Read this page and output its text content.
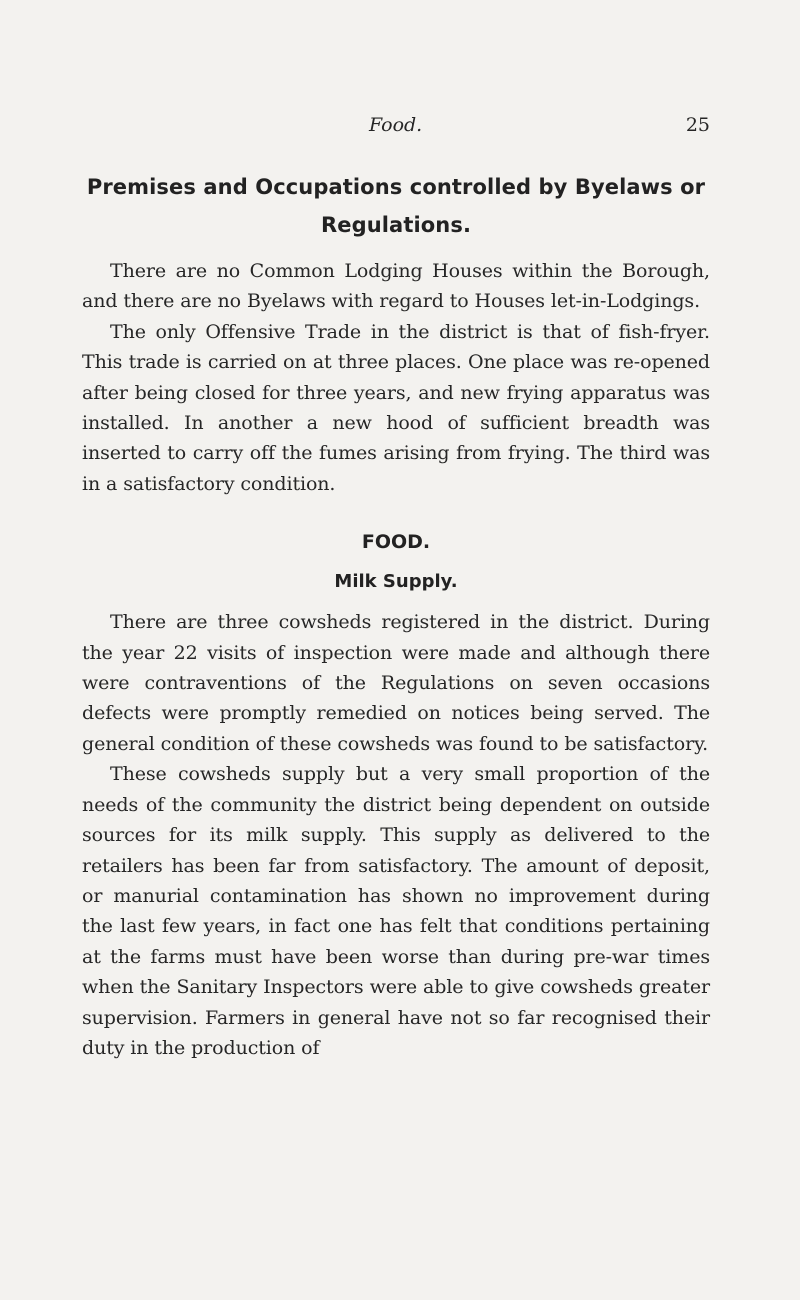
Food.	25
Premises and Occupations controlled by Byelaws or Regulations.

There are no Common Lodging Houses within the Borough, and there are no Byelaws with regard to Houses let-in-Lodgings.

The only Offensive Trade in the district is that of fish-fryer. This trade is carried on at three places. One place was re-opened after being closed for three years, and new frying apparatus was installed. In another a new hood of sufficient breadth was inserted to carry off the fumes arising from frying. The third was in a satisfactory condition.

FOOD.
Milk Supply.

There are three cowsheds registered in the district. During the year 22 visits of inspection were made and although there were contraventions of the Regulations on seven occasions defects were promptly remedied on notices being served. The general condition of these cowsheds was found to be satisfactory.

These cowsheds supply but a very small proportion of the needs of the community the district being dependent on outside sources for its milk supply. This supply as delivered to the retailers has been far from satisfactory. The amount of deposit, or manurial contamination has shown no improvement during the last few years, in fact one has felt that conditions pertaining at the farms must have been worse than during pre-war times when the Sanitary Inspectors were able to give cowsheds greater supervision. Farmers in general have not so far recognised their duty in the production of
